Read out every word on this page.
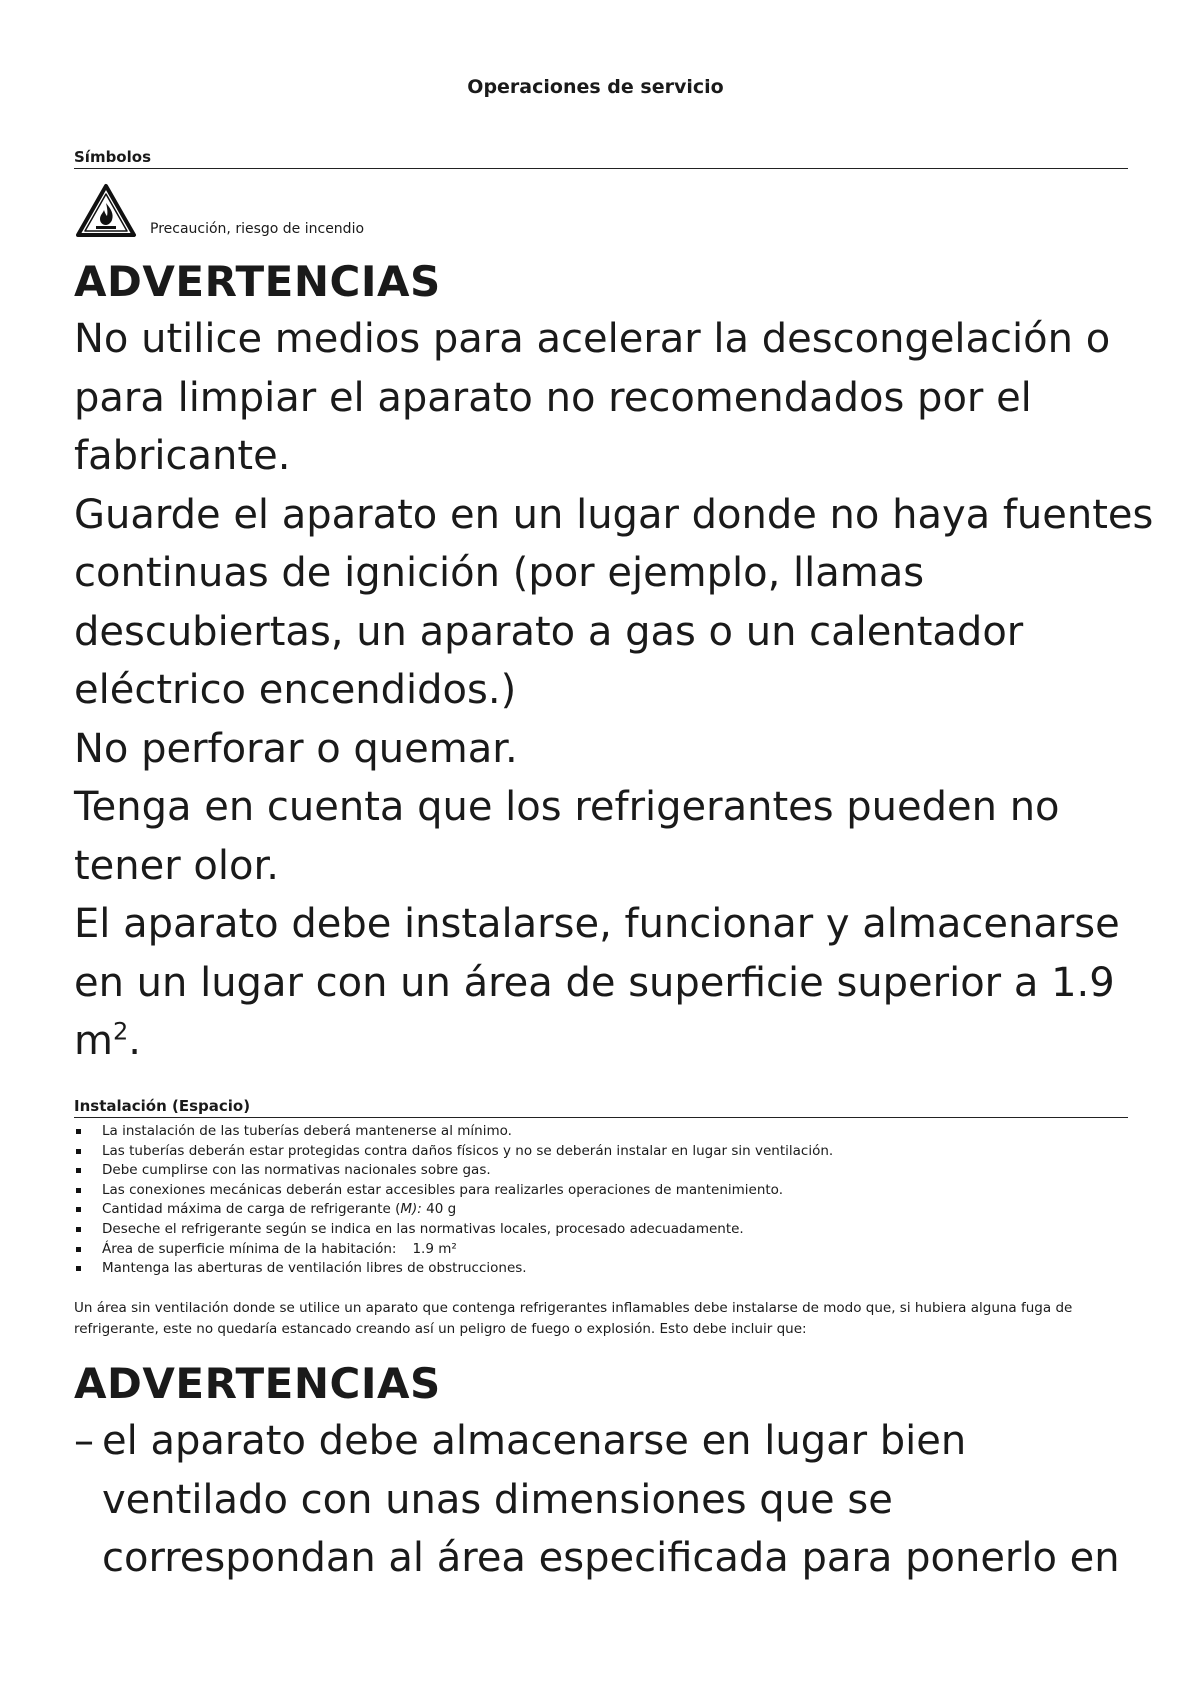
Operaciones de servicio
Símbolos
Precaución, riesgo de incendio
ADVERTENCIAS
No utilice medios para acelerar la descongelación o
para limpiar el aparato no recomendados por el
fabricante.
Guarde el aparato en un lugar donde no haya fuentes
continuas de ignición (por ejemplo, llamas
descubiertas, un aparato a gas o un calentador
eléctrico encendidos.)
No perforar o quemar.
Tenga en cuenta que los refrigerantes pueden no
tener olor.
El aparato debe instalarse, funcionar y almacenarse
en un lugar con un área de superficie superior a 1.9
$m^2$.
Instalación (Espacio)
La instalación de las tuberías deberá mantenerse al mínimo.
Las tuberías deberán estar protegidas contra daños físicos y no se deberán instalar en lugar sin ventilación.
Debe cumplirse con las normativas nacionales sobre gas.
Las conexiones mecánicas deberán estar accesibles para realizarles operaciones de mantenimiento.
Cantidad máxima de carga de refrigerante (M): 40 g
Deseche el refrigerante según se indica en las normativas locales, procesado adecuadamente.
Área de superficie mínima de la habitación: 1.9 m²
Mantenga las aberturas de ventilación libres de obstrucciones.
Un área sin ventilación donde se utilice un aparato que contenga refrigerantes inflamables debe instalarse de modo que, si hubiera alguna fuga de refrigerante, este no quedaría estancado creando así un peligro de fuego o explosión. Esto debe incluir que:
ADVERTENCIAS
– el aparato debe almacenarse en lugar bien
ventilado con unas dimensiones que se
correspondan al área especificada para ponerlo en
